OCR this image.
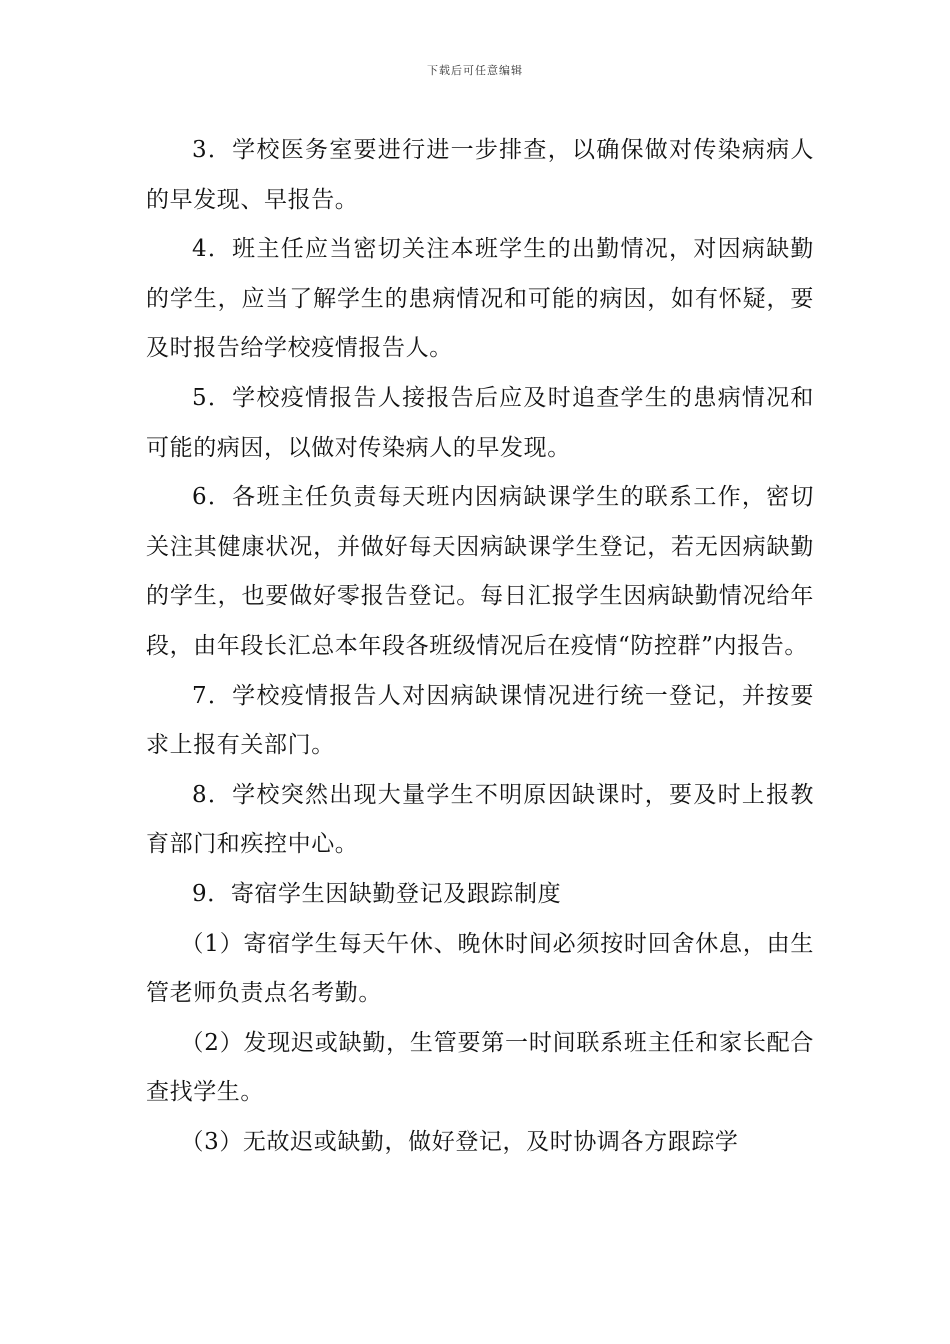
下载后可任意编辑

3．学校医务室要进行进一步排查，以确保做对传染病病人的早发现、早报告。

4．班主任应当密切关注本班学生的出勤情况，对因病缺勤的学生，应当了解学生的患病情况和可能的病因，如有怀疑，要及时报告给学校疫情报告人。

5．学校疫情报告人接报告后应及时追查学生的患病情况和可能的病因，以做对传染病人的早发现。

6．各班主任负责每天班内因病缺课学生的联系工作，密切关注其健康状况，并做好每天因病缺课学生登记，若无因病缺勤的学生，也要做好零报告登记。每日汇报学生因病缺勤情况给年段，由年段长汇总本年段各班级情况后在疫情“防控群”内报告。

7．学校疫情报告人对因病缺课情况进行统一登记，并按要求上报有关部门。

8．学校突然出现大量学生不明原因缺课时，要及时上报教育部门和疾控中心。

9．寄宿学生因缺勤登记及跟踪制度

（1）寄宿学生每天午休、晚休时间必须按时回舍休息，由生管老师负责点名考勤。

（2）发现迟或缺勤，生管要第一时间联系班主任和家长配合查找学生。

（3）无故迟或缺勤，做好登记，及时协调各方跟踪学
